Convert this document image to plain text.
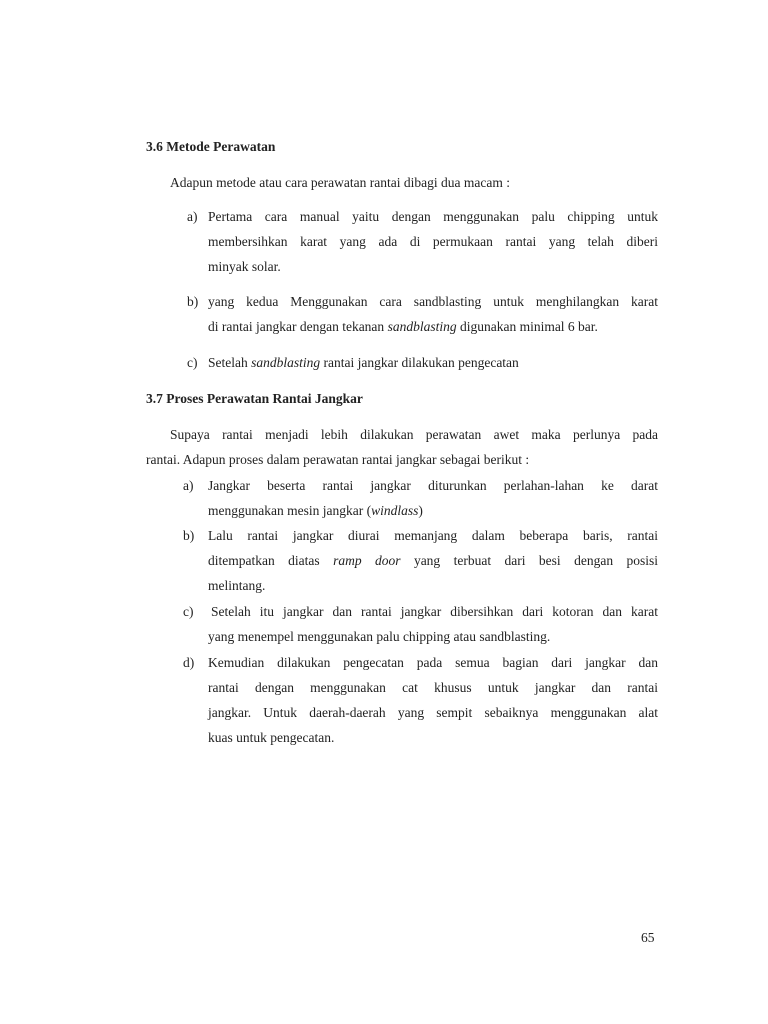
3.6 Metode Perawatan
Adapun metode atau cara perawatan rantai dibagi dua macam :
a) Pertama cara manual yaitu dengan menggunakan palu chipping untuk
membersihkan karat yang ada di permukaan rantai yang telah diberi
minyak solar.
b) yang kedua Menggunakan cara sandblasting untuk menghilangkan karat
di rantai jangkar dengan tekanan sandblasting digunakan minimal 6 bar.
c) Setelah sandblasting rantai jangkar dilakukan pengecatan
3.7 Proses Perawatan Rantai Jangkar
Supaya rantai menjadi lebih dilakukan perawatan awet maka perlunya pada
rantai. Adapun proses dalam perawatan rantai jangkar sebagai berikut :
a) Jangkar beserta rantai jangkar diturunkan perlahan-lahan ke darat
menggunakan mesin jangkar (windlass)
b) Lalu rantai jangkar diurai memanjang dalam beberapa baris, rantai
ditempatkan diatas ramp door yang terbuat dari besi dengan posisi
melintang.
c) Setelah itu jangkar dan rantai jangkar dibersihkan dari kotoran dan karat
yang menempel menggunakan palu chipping atau sandblasting.
d) Kemudian dilakukan pengecatan pada semua bagian dari jangkar dan
rantai dengan menggunakan cat khusus untuk jangkar dan rantai
jangkar. Untuk daerah-daerah yang sempit sebaiknya menggunakan alat
kuas untuk pengecatan.
65
